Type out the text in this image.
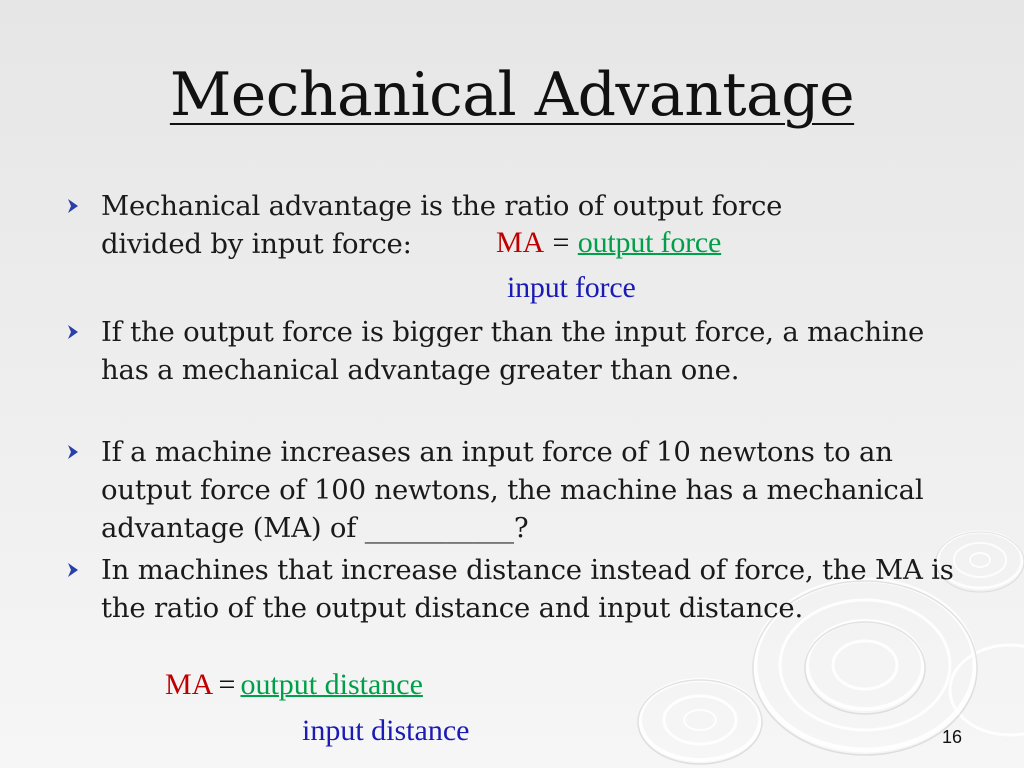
Mechanical Advantage
Mechanical advantage is the ratio of output force divided by input force:	MA = output force
input force
If the output force is bigger than the input force, a machine has a mechanical advantage greater than one.
If a machine increases an input force of 10 newtons to an output force of 100 newtons, the machine has a mechanical advantage (MA) of ___________?
In machines that increase distance instead of force, the MA is the ratio of the output distance and input distance.
MA = output distance
input distance	16
